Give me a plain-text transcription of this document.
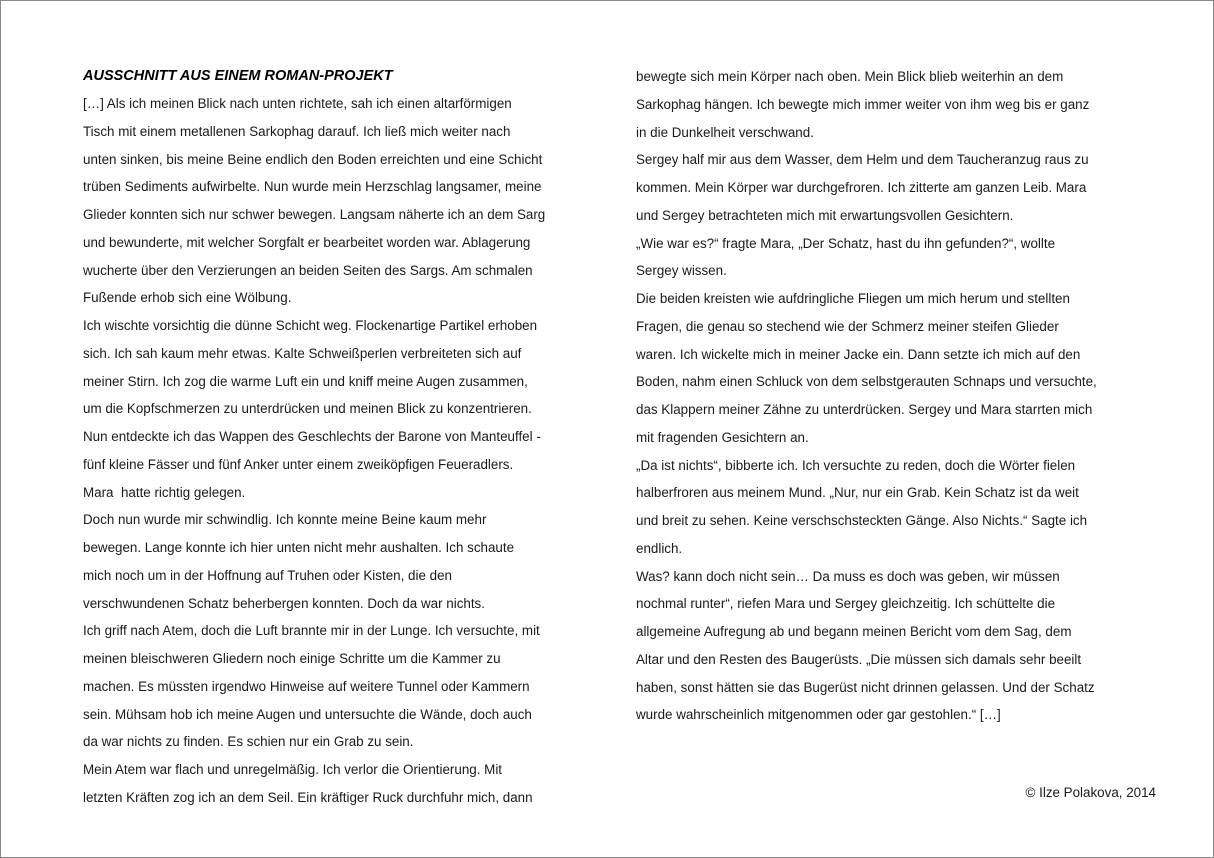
AUSSCHNITT AUS EINEM ROMAN-PROJEKT
[…] Als ich meinen Blick nach unten richtete, sah ich einen altarförmigen
Tisch mit einem metallenen Sarkophag darauf. Ich ließ mich weiter nach
unten sinken, bis meine Beine endlich den Boden erreichten und eine Schicht
trüben Sediments aufwirbelte. Nun wurde mein Herzschlag langsamer, meine
Glieder konnten sich nur schwer bewegen. Langsam näherte ich an dem Sarg
und bewunderte, mit welcher Sorgfalt er bearbeitet worden war. Ablagerung
wucherte über den Verzierungen an beiden Seiten des Sargs. Am schmalen
Fußende erhob sich eine Wölbung.
Ich wischte vorsichtig die dünne Schicht weg. Flockenartige Partikel erhoben
sich. Ich sah kaum mehr etwas. Kalte Schweißperlen verbreiteten sich auf
meiner Stirn. Ich zog die warme Luft ein und kniff meine Augen zusammen,
um die Kopfschmerzen zu unterdrücken und meinen Blick zu konzentrieren.
Nun entdeckte ich das Wappen des Geschlechts der Barone von Manteuffel -
fünf kleine Fässer und fünf Anker unter einem zweiköpfigen Feueradlers.
Mara  hatte richtig gelegen.
Doch nun wurde mir schwindlig. Ich konnte meine Beine kaum mehr
bewegen. Lange konnte ich hier unten nicht mehr aushalten. Ich schaute
mich noch um in der Hoffnung auf Truhen oder Kisten, die den
verschwundenen Schatz beherbergen konnten. Doch da war nichts.
Ich griff nach Atem, doch die Luft brannte mir in der Lunge. Ich versuchte, mit
meinen bleischweren Gliedern noch einige Schritte um die Kammer zu
machen. Es müssten irgendwo Hinweise auf weitere Tunnel oder Kammern
sein. Mühsam hob ich meine Augen und untersuchte die Wände, doch auch
da war nichts zu finden. Es schien nur ein Grab zu sein.
Mein Atem war flach und unregelmäßig. Ich verlor die Orientierung. Mit
letzten Kräften zog ich an dem Seil. Ein kräftiger Ruck durchfuhr mich, dann
bewegte sich mein Körper nach oben. Mein Blick blieb weiterhin an dem
Sarkophag hängen. Ich bewegte mich immer weiter von ihm weg bis er ganz
in die Dunkelheit verschwand.
Sergey half mir aus dem Wasser, dem Helm und dem Taucheranzug raus zu
kommen. Mein Körper war durchgefroren. Ich zitterte am ganzen Leib. Mara
und Sergey betrachteten mich mit erwartungsvollen Gesichtern.
„Wie war es?“ fragte Mara, „Der Schatz, hast du ihn gefunden?“, wollte
Sergey wissen.
Die beiden kreisten wie aufdringliche Fliegen um mich herum und stellten
Fragen, die genau so stechend wie der Schmerz meiner steifen Glieder
waren. Ich wickelte mich in meiner Jacke ein. Dann setzte ich mich auf den
Boden, nahm einen Schluck von dem selbstgerauten Schnaps und versuchte,
das Klappern meiner Zähne zu unterdrücken. Sergey und Mara starrten mich
mit fragenden Gesichtern an.
„Da ist nichts“, bibberte ich. Ich versuchte zu reden, doch die Wörter fielen
halberfroren aus meinem Mund. „Nur, nur ein Grab. Kein Schatz ist da weit
und breit zu sehen. Keine verschschsteckten Gänge. Also Nichts.“ Sagte ich
endlich.
Was? kann doch nicht sein… Da muss es doch was geben, wir müssen
nochmal runter“, riefen Mara und Sergey gleichzeitig. Ich schüttelte die
allgemeine Aufregung ab und begann meinen Bericht vom dem Sag, dem
Altar und den Resten des Baugerüsts. „Die müssen sich damals sehr beeilt
haben, sonst hätten sie das Bugerüst nicht drinnen gelassen. Und der Schatz
wurde wahrscheinlich mitgenommen oder gar gestohlen.“ […]
© Ilze Polakova, 2014
